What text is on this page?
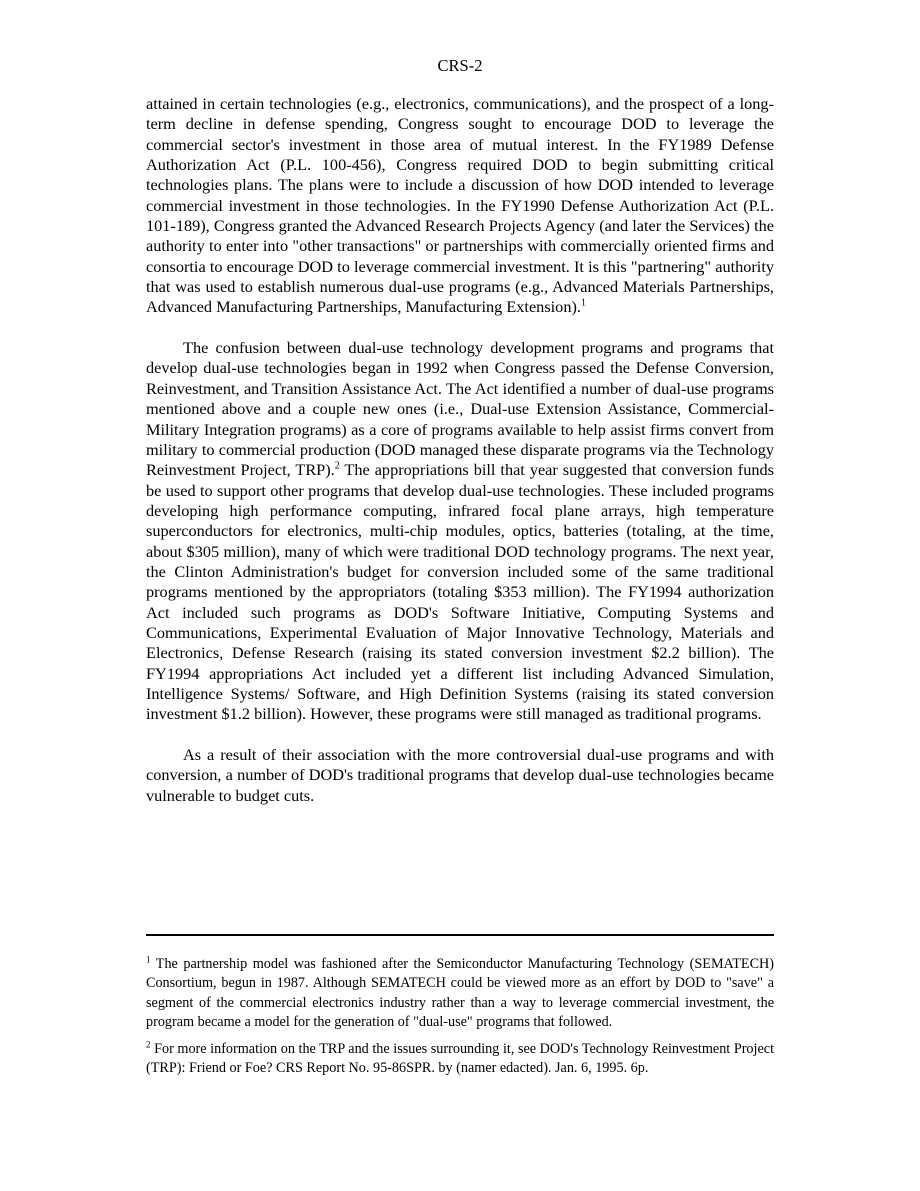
CRS-2

attained in certain technologies (e.g., electronics, communications), and the prospect of a long-term decline in defense spending, Congress sought to encourage DOD to leverage the commercial sector's investment in those area of mutual interest. In the FY1989 Defense Authorization Act (P.L. 100-456), Congress required DOD to begin submitting critical technologies plans. The plans were to include a discussion of how DOD intended to leverage commercial investment in those technologies. In the FY1990 Defense Authorization Act (P.L. 101-189), Congress granted the Advanced Research Projects Agency (and later the Services) the authority to enter into "other transactions" or partnerships with commercially oriented firms and consortia to encourage DOD to leverage commercial investment. It is this "partnering" authority that was used to establish numerous dual-use programs (e.g., Advanced Materials Partnerships, Advanced Manufacturing Partnerships, Manufacturing Extension).$^1$

The confusion between dual-use technology development programs and programs that develop dual-use technologies began in 1992 when Congress passed the Defense Conversion, Reinvestment, and Transition Assistance Act. The Act identified a number of dual-use programs mentioned above and a couple new ones (i.e., Dual-use Extension Assistance, Commercial-Military Integration programs) as a core of programs available to help assist firms convert from military to commercial production (DOD managed these disparate programs via the Technology Reinvestment Project, TRP).$^2$ The appropriations bill that year suggested that conversion funds be used to support other programs that develop dual-use technologies. These included programs developing high performance computing, infrared focal plane arrays, high temperature superconductors for electronics, multi-chip modules, optics, batteries (totaling, at the time, about $305 million), many of which were traditional DOD technology programs. The next year, the Clinton Administration's budget for conversion included some of the same traditional programs mentioned by the appropriators (totaling $353 million). The FY1994 authorization Act included such programs as DOD's Software Initiative, Computing Systems and Communications, Experimental Evaluation of Major Innovative Technology, Materials and Electronics, Defense Research (raising its stated conversion investment $2.2 billion). The FY1994 appropriations Act included yet a different list including Advanced Simulation, Intelligence Systems/ Software, and High Definition Systems (raising its stated conversion investment $1.2 billion). However, these programs were still managed as traditional programs.

As a result of their association with the more controversial dual-use programs and with conversion, a number of DOD's traditional programs that develop dual-use technologies became vulnerable to budget cuts.

$^1$ The partnership model was fashioned after the Semiconductor Manufacturing Technology (SEMATECH) Consortium, begun in 1987. Although SEMATECH could be viewed more as an effort by DOD to "save" a segment of the commercial electronics industry rather than a way to leverage commercial investment, the program became a model for the generation of "dual-use" programs that followed.

$^2$ For more information on the TRP and the issues surrounding it, see DOD's Technology Reinvestment Project (TRP): Friend or Foe? CRS Report No. 95-86SPR. by (namer edacted). Jan. 6, 1995. 6p.
